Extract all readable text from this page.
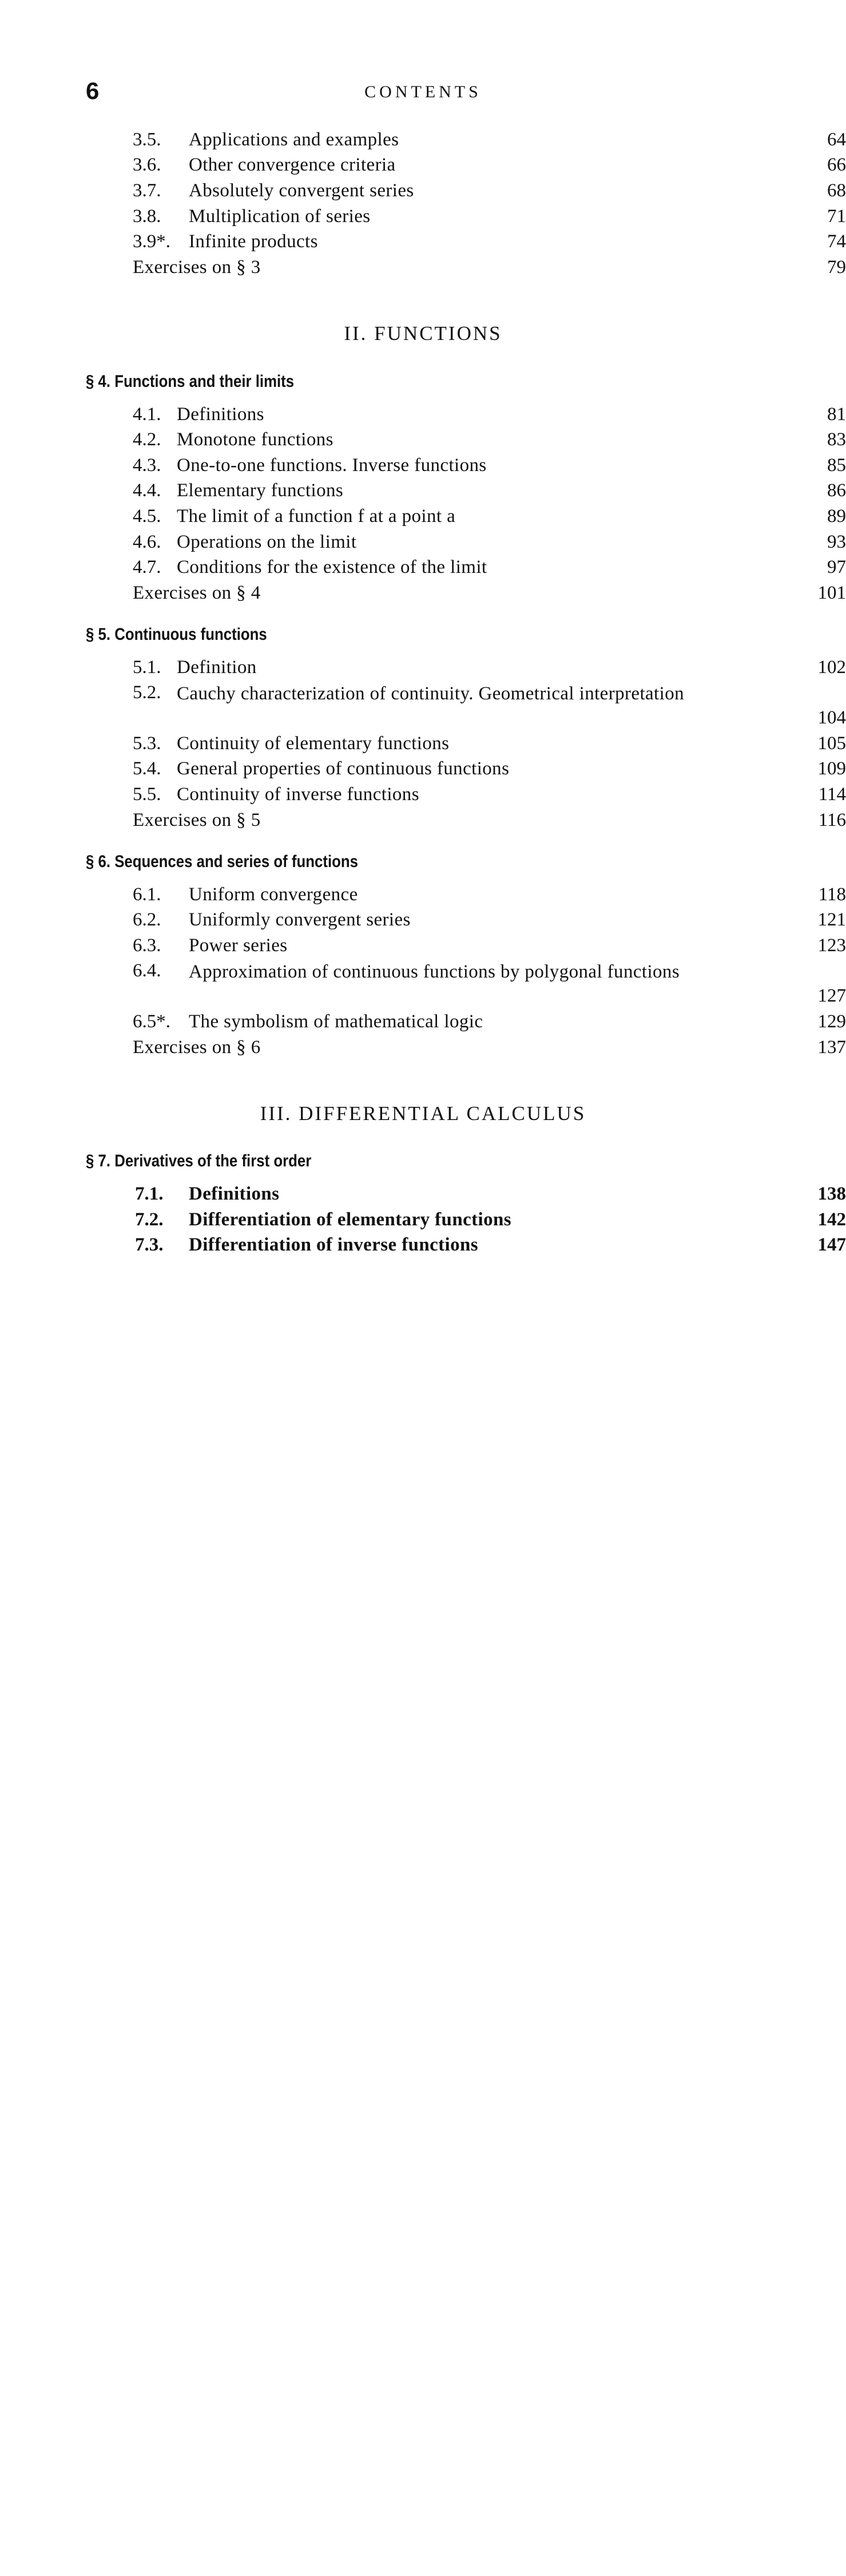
6	CONTENTS
3.5. Applications and examples	64
3.6. Other convergence criteria	66
3.7. Absolutely convergent series	68
3.8. Multiplication of series	71
3.9*. Infinite products	74
Exercises on § 3	79
II. FUNCTIONS
§ 4. Functions and their limits
4.1. Definitions	81
4.2. Monotone functions	83
4.3. One-to-one functions. Inverse functions	85
4.4. Elementary functions	86
4.5. The limit of a function f at a point a	89
4.6. Operations on the limit	93
4.7. Conditions for the existence of the limit	97
Exercises on § 4	101
§ 5. Continuous functions
5.1. Definition	102
5.2. Cauchy characterization of continuity. Geometrical interpretation
104
5.3. Continuity of elementary functions	105
5.4. General properties of continuous functions	109
5.5. Continuity of inverse functions	114
Exercises on § 5	116
§ 6. Sequences and series of functions
6.1. Uniform convergence	118
6.2. Uniformly convergent series	121
6.3. Power series	123
6.4. Approximation of continuous functions by polygonal functions
127
6.5*. The symbolism of mathematical logic	129
Exercises on § 6	137
III. DIFFERENTIAL CALCULUS
§ 7. Derivatives of the first order
7.1. Definitions	138
7.2. Differentiation of elementary functions	142
7.3. Differentiation of inverse functions	147
